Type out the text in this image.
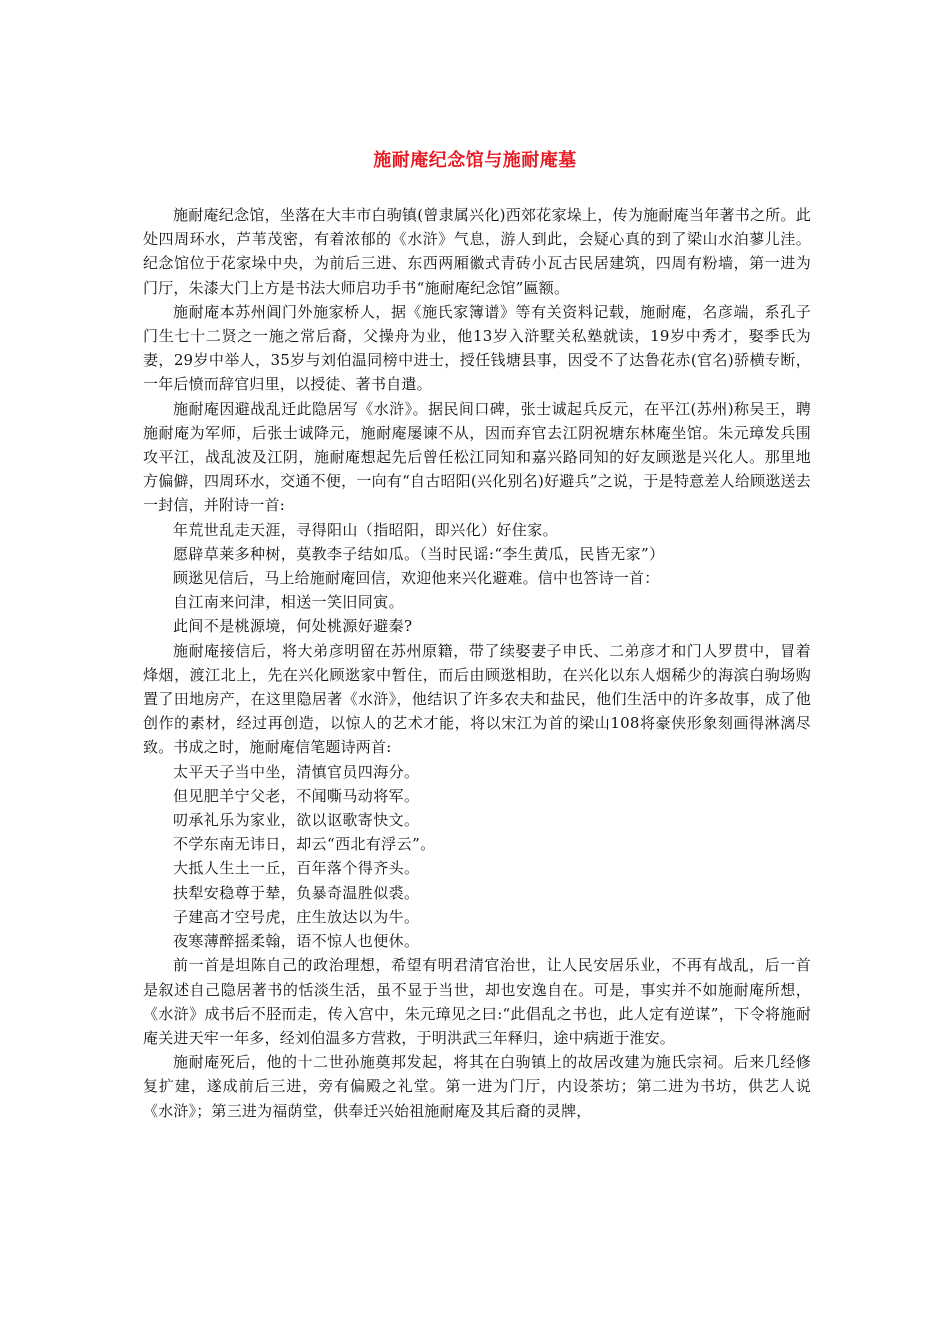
施耐庵纪念馆与施耐庵墓

施耐庵纪念馆，坐落在大丰市白驹镇(曾隶属兴化)西郊花家垛上，传为施耐庵当年著书之所。此处四周环水，芦苇茂密，有着浓郁的《水浒》气息，游人到此，会疑心真的到了梁山水泊蓼儿洼。纪念馆位于花家垛中央，为前后三进、东西两厢徽式青砖小瓦古民居建筑，四周有粉墙，第一进为门厅，朱漆大门上方是书法大师启功手书“施耐庵纪念馆”匾额。

施耐庵本苏州阊门外施家桥人，据《施氏家簿谱》等有关资料记载，施耐庵，名彦端，系孔子门生七十二贤之一施之常后裔，父操舟为业，他13岁入浒墅关私塾就读，19岁中秀才，娶季氏为妻，29岁中举人，35岁与刘伯温同榜中进士，授任钱塘县事，因受不了达鲁花赤(官名)骄横专断，一年后愤而辞官归里，以授徒、著书自遣。

施耐庵因避战乱迁此隐居写《水浒》。据民间口碑，张士诚起兵反元，在平江(苏州)称吴王，聘施耐庵为军师，后张士诚降元，施耐庵屡谏不从，因而弃官去江阴祝塘东林庵坐馆。朱元璋发兵围攻平江，战乱波及江阴，施耐庵想起先后曾任松江同知和嘉兴路同知的好友顾逖是兴化人。那里地方偏僻，四周环水，交通不便，一向有“自古昭阳(兴化别名)好避兵”之说，于是特意差人给顾逖送去一封信，并附诗一首:

年荒世乱走天涯，寻得阳山（指昭阳，即兴化）好住家。

愿辟草莱多种树，莫教李子结如瓜。（当时民谣:“李生黄瓜，民皆无家”）

顾逖见信后，马上给施耐庵回信，欢迎他来兴化避难。信中也答诗一首：

自江南来问津，相送一笑旧同寅。

此间不是桃源境，何处桃源好避秦?

施耐庵接信后，将大弟彦明留在苏州原籍，带了续娶妻子申氏、二弟彦才和门人罗贯中，冒着烽烟，渡江北上，先在兴化顾逖家中暂住，而后由顾逖相助，在兴化以东人烟稀少的海滨白驹场购置了田地房产，在这里隐居著《水浒》，他结识了许多农夫和盐民，他们生活中的许多故事，成了他创作的素材，经过再创造，以惊人的艺术才能，将以宋江为首的梁山108将豪侠形象刻画得淋漓尽致。书成之时，施耐庵信笔题诗两首:

太平天子当中坐，清慎官员四海分。

但见肥羊宁父老，不闻嘶马动将军。

叨承礼乐为家业，欲以讴歌寄快文。

不学东南无讳日，却云“西北有浮云”。

大抵人生土一丘，百年落个得齐头。

扶犁安稳尊于辇，负暴奇温胜似裘。

子建高才空号虎，庄生放达以为牛。

夜寒薄醉摇柔翰，语不惊人也便休。

前一首是坦陈自己的政治理想，希望有明君清官治世，让人民安居乐业，不再有战乱，后一首是叙述自己隐居著书的恬淡生活，虽不显于当世，却也安逸自在。可是，事实并不如施耐庵所想，《水浒》成书后不胫而走，传入宫中，朱元璋见之曰:“此倡乱之书也，此人定有逆谋”，下令将施耐庵关进天牢一年多，经刘伯温多方营救，于明洪武三年释归，途中病逝于淮安。

施耐庵死后，他的十二世孙施奠邦发起，将其在白驹镇上的故居改建为施氏宗祠。后来几经修复扩建，遂成前后三进，旁有偏殿之礼堂。第一进为门厅，内设茶坊；第二进为书坊，供艺人说《水浒》；第三进为福荫堂，供奉迁兴始祖施耐庵及其后裔的灵牌，
